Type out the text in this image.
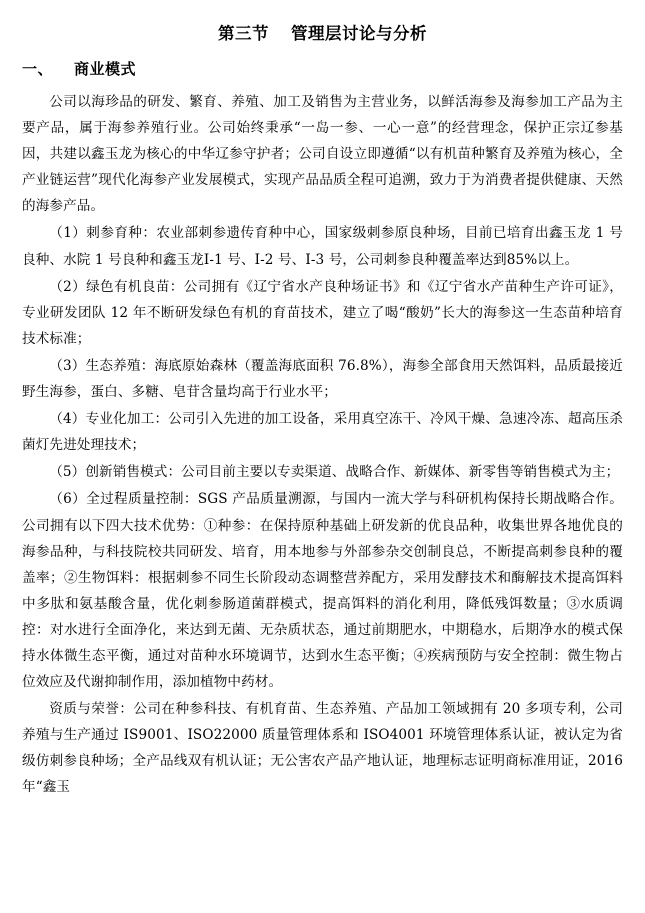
第三节 管理层讨论与分析
一、 商业模式

公司以海珍品的研发、繁育、养殖、加工及销售为主营业务，以鲜活海参及海参加工产品为主要产品，属于海参养殖行业。公司始终秉承“一岛一参、一心一意”的经营理念，保护正宗辽参基因，共建以鑫玉龙为核心的中华辽参守护者；公司自设立即遵循“以有机苗种繁育及养殖为核心，全产业链运营”现代化海参产业发展模式，实现产品品质全程可追溯，致力于为消费者提供健康、天然的海参产品。

（1）刺参育种：农业部刺参遗传育种中心，国家级刺参原良种场，目前已培育出鑫玉龙 1 号良种、水院 1 号良种和鑫玉龙Ⅰ-1 号、Ⅰ-2 号、Ⅰ-3 号，公司刺参良种覆盖率达到85%以上。

（2）绿色有机良苗：公司拥有《辽宁省水产良种场证书》和《辽宁省水产苗种生产许可证》，专业研发团队 12 年不断研发绿色有机的育苗技术，建立了喝“酸奶”长大的海参这一生态苗种培育技术标准；

（3）生态养殖：海底原始森林（覆盖海底面积 76.8%），海参全部食用天然饵料，品质最接近野生海参，蛋白、多糖、皂苷含量均高于行业水平；

（4）专业化加工：公司引入先进的加工设备，采用真空冻干、冷风干燥、急速冷冻、超高压杀菌灯先进处理技术；

（5）创新销售模式：公司目前主要以专卖渠道、战略合作、新媒体、新零售等销售模式为主；

（6）全过程质量控制：SGS 产品质量溯源，与国内一流大学与科研机构保持长期战略合作。公司拥有以下四大技术优势：①种参：在保持原种基础上研发新的优良品种，收集世界各地优良的海参品种，与科技院校共同研发、培育，用本地参与外部参杂交创制良总，不断提高刺参良种的覆盖率；②生物饵料：根据刺参不同生长阶段动态调整营养配方，采用发酵技术和酶解技术提高饵料中多肽和氨基酸含量，优化刺参肠道菌群模式，提高饵料的消化利用，降低残饵数量；③水质调控：对水进行全面净化，来达到无菌、无杂质状态，通过前期肥水，中期稳水，后期净水的模式保持水体微生态平衡，通过对苗种水环境调节，达到水生态平衡；④疾病预防与安全控制：微生物占位效应及代谢抑制作用，添加植物中药材。

资质与荣誉：公司在种参科技、有机育苗、生态养殖、产品加工领域拥有 20 多项专利，公司养殖与生产通过 IS9001、ISO22000 质量管理体系和 ISO4001 环境管理体系认证，被认定为省级仿刺参良种场；全产品线双有机认证；无公害农产品产地认证，地理标志证明商标准用证，2016 年“鑫玉
